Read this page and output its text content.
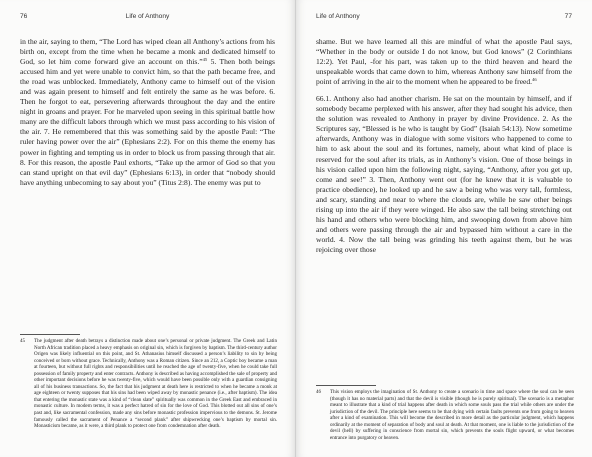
76	Life of Anthony

in the air, saying to them, “The Lord has wiped clean all Anthony’s actions from his birth on, except from the time when he became a monk and dedicated himself to God, so let him come forward give an account on this.”$^{45}$ 5. Then both beings accused him and yet were unable to convict him, so that the path became free, and the road was unblocked. Immediately, Anthony came to himself out of the vision and was again present to himself and felt entirely the same as he was before. 6. Then he forgot to eat, persevering afterwards throughout the day and the entire night in groans and prayer. For he marveled upon seeing in this spiritual battle how many are the difficult labors through which we must pass according to his vision of the air. 7. He remembered that this was something said by the apostle Paul: “The ruler having power over the air” (Ephesians 2:2). For on this theme the enemy has power in fighting and tempting us in order to block us from passing through that air. 8. For this reason, the apostle Paul exhorts, “Take up the armor of God so that you can stand upright on that evil day” (Ephesians 6:13), in order that “nobody should have anything unbecoming to say about you” (Titus 2:8). The enemy was put to

45	The judgment after death betrays a distinction made about one’s personal or private judgment. The Greek and Latin North African tradition placed a heavy emphasis on original sin, which is forgiven by baptism. The third-century author Origen was likely influential on this point, and St. Athanasius himself discussed a person’s liability to sin by being conceived or born without grace. Technically, Anthony was a Roman citizen. Since an 212, a Coptic boy became a man at fourteen, but without full rights and responsibilities until he reached the age of twenty-five, when he could take full possession of family property and enter contracts. Anthony is described as having accomplished the sale of property and other important decisions before he was twenty-five, which would have been possible only with a guardian consigning all of his business transactions. So, the fact that his judgment at death here is restricted to when he became a monk at age eighteen or twenty supposes that his sins had been wiped away by monastic penance (i.e., after baptism). The idea that entering the monastic state was a kind of “clean slate” spiritually was common in the Greek East and embraced in monastic culture. In modern terms, it was a perfect hatred of sin for the love of God. This blotted out all sins of one’s past and, like sacramental confession, made any sins before monastic profession impervious to the demons. St. Jerome famously called the sacrament of Penance a “second plank” after shipwrecking one’s baptism by mortal sin. Monasticism became, as it were, a third plank to protect one from condemnation after death.
Life of Anthony	77

shame. But we have learned all this are mindful of what the apostle Paul says, “Whether in the body or outside I do not know, but God knows” (2 Corinthians 12:2). Yet Paul, -for his part, was taken up to the third heaven and heard the unspeakable words that came down to him, whereas Anthony saw himself from the point of arriving in the air to the moment when he appeared to be freed.$^{46}$

66.1. Anthony also had another charism. He sat on the mountain by himself, and if somebody became perplexed with his answer, after they had sought his advice, then the solution was revealed to Anthony in prayer by divine Providence. 2. As the Scriptures say, “Blessed is he who is taught by God” (Isaiah 54:13). Now sometime afterwards, Anthony was in dialogue with some visitors who happened to come to him to ask about the soul and its fortunes, namely, about what kind of place is reserved for the soul after its trials, as in Anthony’s vision. One of those beings in his vision called upon him the following night, saying, “Anthony, after you get up, come and see!” 3. Then, Anthony went out (for he knew that it is valuable to practice obedience), he looked up and he saw a being who was very tall, formless, and scary, standing and near to where the clouds are, while he saw other beings rising up into the air if they were winged. He also saw the tall being stretching out his hand and others who were blocking him, and swooping down from above him and others were passing through the air and bypassed him without a care in the world. 4. Now the tall being was grinding his teeth against them, but he was rejoicing over those

46	This vision employs the imagination of St. Anthony to create a scenario in time and space where the soul can be seen (though it has no material parts) and that the devil is visible (though he is purely spiritual). The scenario is a metaphor meant to illustrate that a kind of trial happens after death in which some souls pass the trial while others are under the jurisdiction of the devil. The principle here seems to be that dying with certain faults prevents one from going to heaven after a kind of examination. This will become the described in more detail as the particular judgment, which happens ordinarily at the moment of separation of body and soul at death. At that moment, one is liable to the jurisdiction of the devil (hell) by suffering in conscience from mortal sin, which prevents the souls flight upward, or what becomes entrance into purgatory or heaven.
